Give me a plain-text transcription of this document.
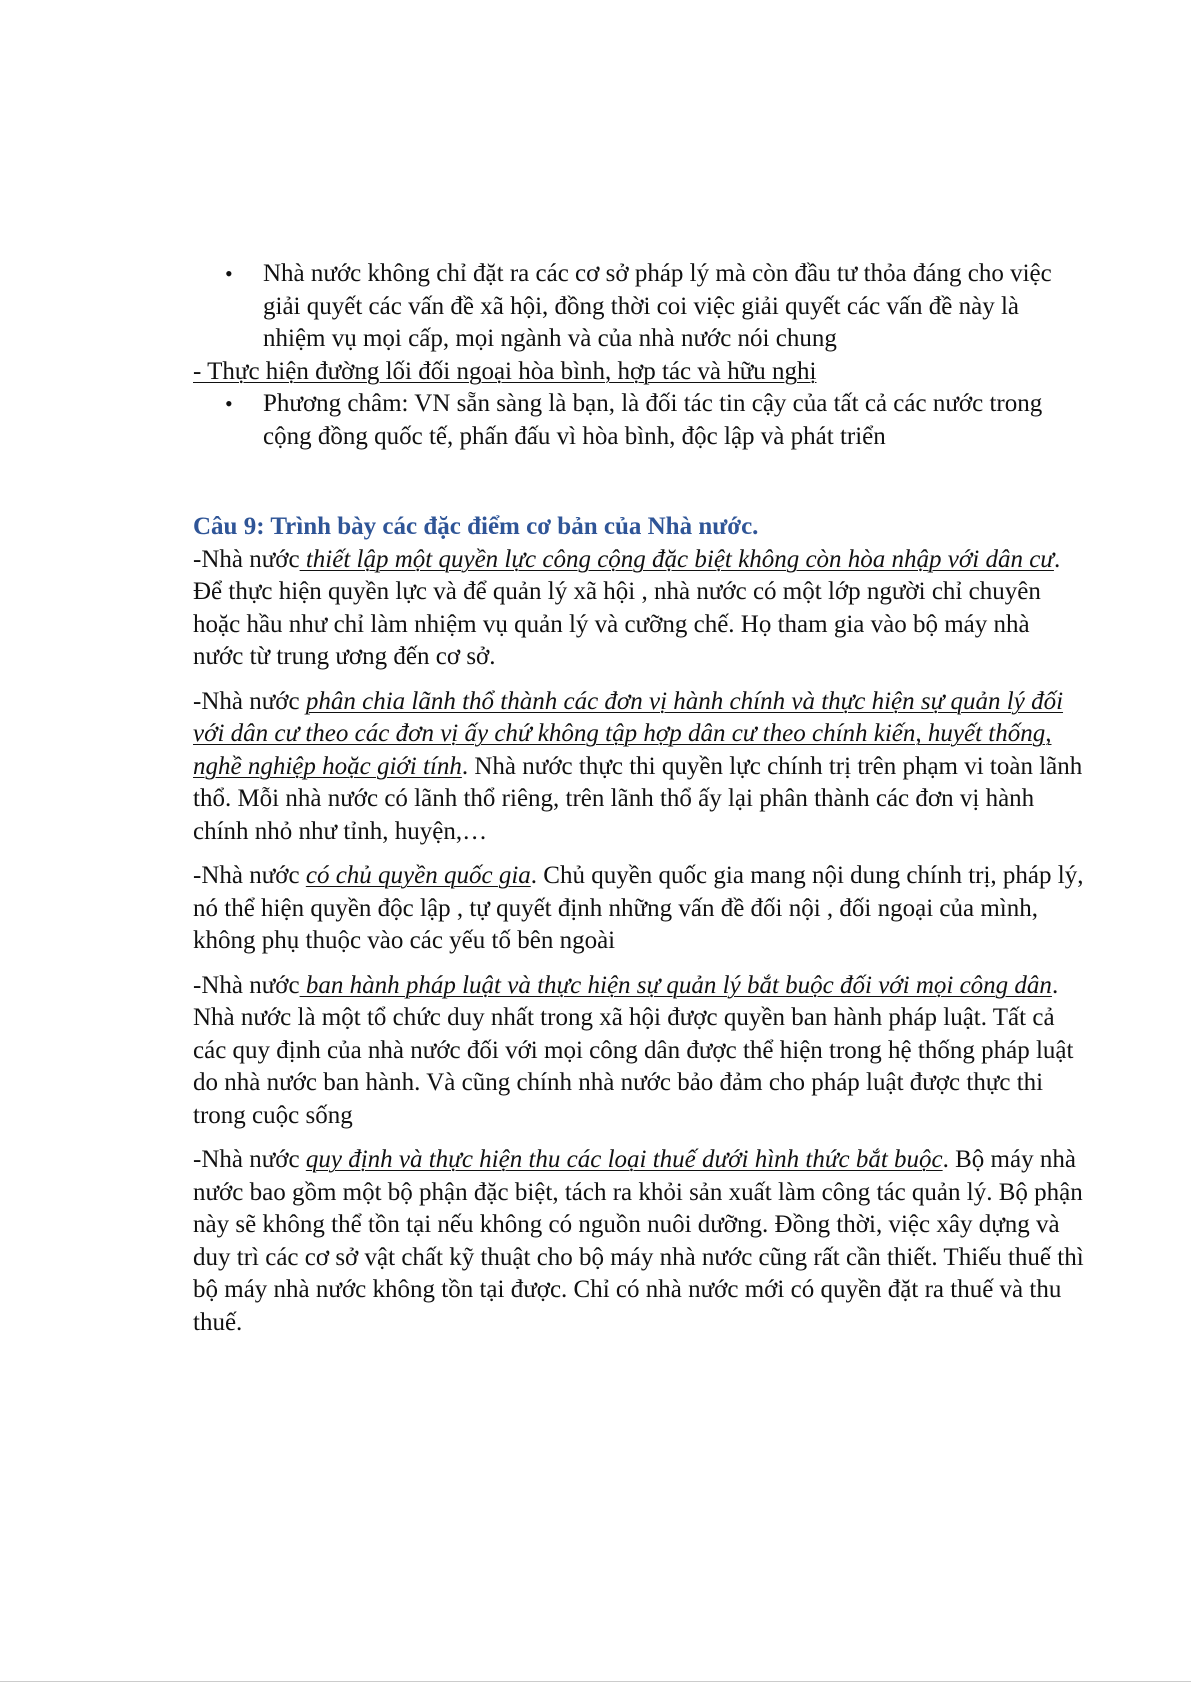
• Nhà nước không chỉ đặt ra các cơ sở pháp lý mà còn đầu tư thỏa đáng cho việc giải quyết các vấn đề xã hội, đồng thời coi việc giải quyết các vấn đề này là nhiệm vụ mọi cấp, mọi ngành và của nhà nước nói chung

- Thực hiện đường lối đối ngoại hòa bình, hợp tác và hữu nghị

• Phương châm: VN sẵn sàng là bạn, là đối tác tin cậy của tất cả các nước trong cộng đồng quốc tế, phấn đấu vì hòa bình, độc lập và phát triển

Câu 9: Trình bày các đặc điểm cơ bản của Nhà nước.

-Nhà nước thiết lập một quyền lực công cộng đặc biệt không còn hòa nhập với dân cư. Để thực hiện quyền lực và để quản lý xã hội , nhà nước có một lớp người chỉ chuyên hoặc hầu như chỉ làm nhiệm vụ quản lý và cưỡng chế. Họ tham gia vào bộ máy nhà nước từ trung ương đến cơ sở.

-Nhà nước phân chia lãnh thổ thành các đơn vị hành chính và thực hiện sự quản lý đối với dân cư theo các đơn vị ấy chứ không tập hợp dân cư theo chính kiến, huyết thống, nghề nghiệp hoặc giới tính. Nhà nước thực thi quyền lực chính trị trên phạm vi toàn lãnh thổ. Mỗi nhà nước có lãnh thổ riêng, trên lãnh thổ ấy lại phân thành các đơn vị hành chính nhỏ như tỉnh, huyện,…

-Nhà nước có chủ quyền quốc gia. Chủ quyền quốc gia mang nội dung chính trị, pháp lý, nó thể hiện quyền độc lập , tự quyết định những vấn đề đối nội , đối ngoại của mình, không phụ thuộc vào các yếu tố bên ngoài

-Nhà nước ban hành pháp luật và thực hiện sự quản lý bắt buộc đối với mọi công dân. Nhà nước là một tổ chức duy nhất trong xã hội được quyền ban hành pháp luật. Tất cả các quy định của nhà nước đối với mọi công dân được thể hiện trong hệ thống pháp luật do nhà nước ban hành. Và cũng chính nhà nước bảo đảm cho pháp luật được thực thi trong cuộc sống

-Nhà nước quy định và thực hiện thu các loại thuế dưới hình thức bắt buộc. Bộ máy nhà nước bao gồm một bộ phận đặc biệt, tách ra khỏi sản xuất làm công tác quản lý. Bộ phận này sẽ không thể tồn tại nếu không có nguồn nuôi dưỡng. Đồng thời, việc xây dựng và duy trì các cơ sở vật chất kỹ thuật cho bộ máy nhà nước cũng rất cần thiết. Thiếu thuế thì bộ máy nhà nước không tồn tại được. Chỉ có nhà nước mới có quyền đặt ra thuế và thu thuế.
